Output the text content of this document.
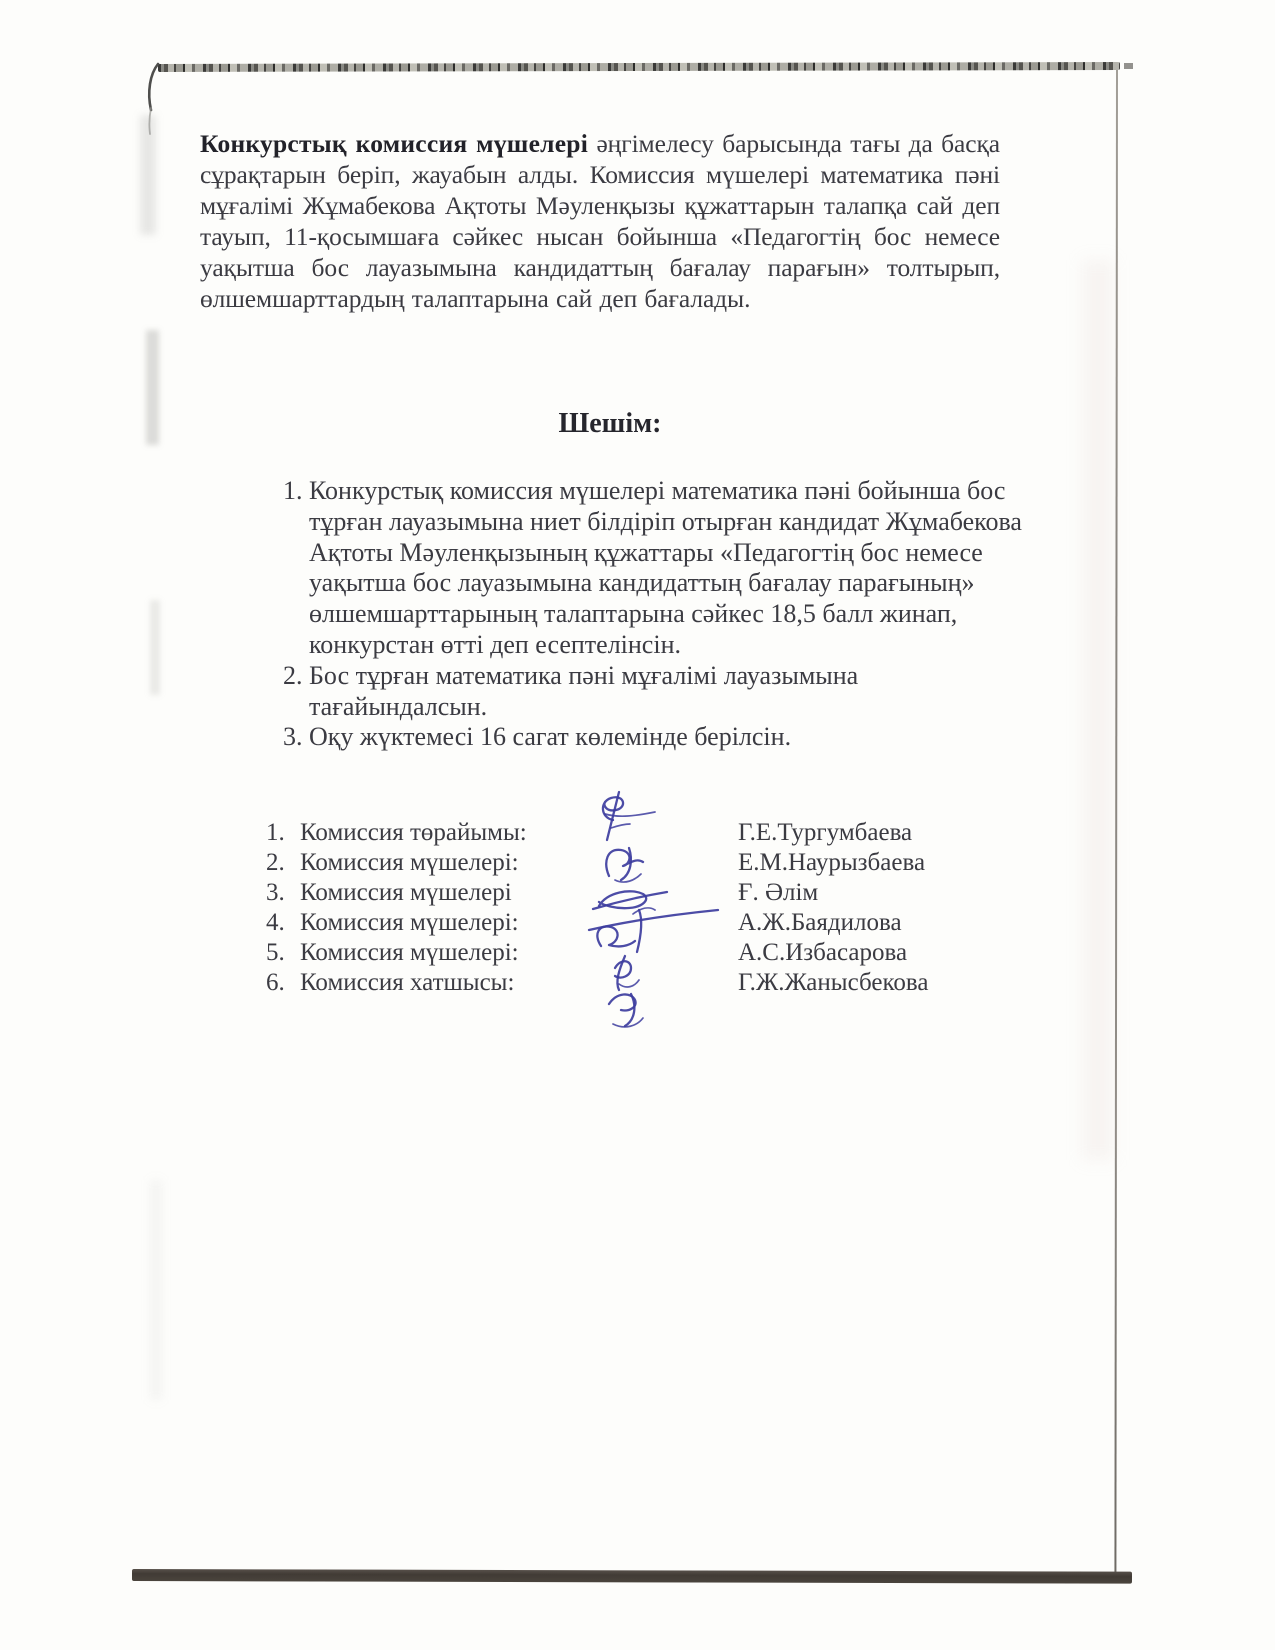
Конкурстық комиссия мүшелері әңгімелесу барысында тағы да басқа сұрақтарын беріп, жауабын алды. Комиссия мүшелері математика пәні мұғалімі Жұмабекова Ақтоты Мәуленқызы құжаттарын талапқа сай деп тауып, 11-қосымшаға сәйкес нысан бойынша «Педагогтің бос немесе уақытша бос лауазымына кандидаттың бағалау парағын» толтырып, өлшемшарттардың талаптарына сай деп бағалады.

Шешім:
1. Конкурстық комиссия мүшелері математика пәні бойынша бос тұрған лауазымына ниет білдіріп отырған кандидат Жұмабекова Ақтоты Мәуленқызының құжаттары «Педагогтің бос немесе уақытша бос лауазымына кандидаттың бағалау парағының» өлшемшарттарының талаптарына сәйкес 18,5 балл жинап, конкурстан өтті деп есептелінсін.
2. Бос тұрған математика пәні мұғалімі лауазымына тағайындалсын.
3. Оқу жүктемесі 16 сагат көлемінде берілсін.
1. Комиссия төрайымы:	Г.Е.Тургумбаева
2. Комиссия мүшелері:	Е.М.Наурызбаева
3. Комиссия мүшелері	Ғ. Әлім
4. Комиссия мүшелері:	А.Ж.Баядилова
5. Комиссия мүшелері:	А.С.Избасарова
6. Комиссия хатшысы:	Г.Ж.Жанысбекова
